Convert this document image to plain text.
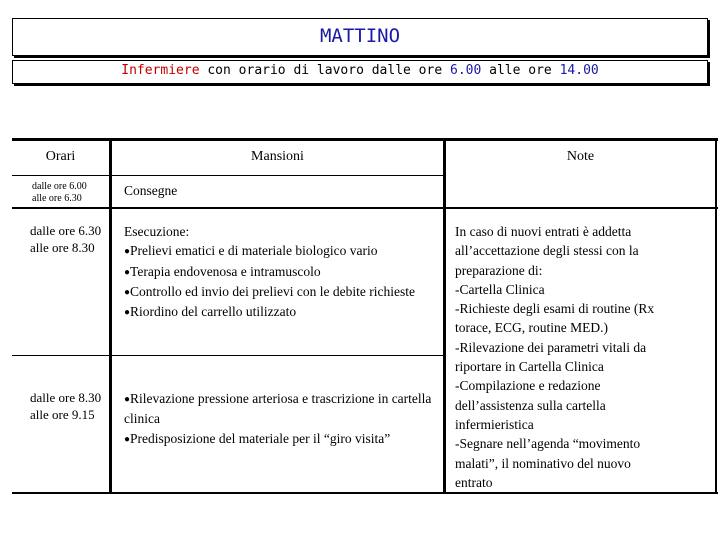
MATTINO
Infermiere con orario di lavoro dalle ore 6.00 alle ore 14.00
Orari	Mansioni	Note
dalle ore 6.00
alle ore 6.30
Consegne
dalle ore 6.30
alle ore 8.30
Esecuzione:
●Prelievi ematici e di materiale biologico vario
●Terapia endovenosa e intramuscolo
●Controllo ed invio dei prelievi con le debite richieste
●Riordino del carrello utilizzato
dalle ore 8.30
alle ore 9.15
●Rilevazione pressione arteriosa e trascrizione in cartella clinica
●Predisposizione del materiale per il “giro visita”
In caso di nuovi entrati è addetta
all’accettazione degli stessi con la
preparazione di:
-Cartella Clinica
-Richieste degli esami di routine (Rx
torace, ECG, routine MED.)
-Rilevazione dei parametri vitali da
riportare in Cartella Clinica
-Compilazione e redazione
dell’assistenza sulla cartella
infermieristica
-Segnare nell’agenda “movimento
malati”, il nominativo del nuovo
entrato
